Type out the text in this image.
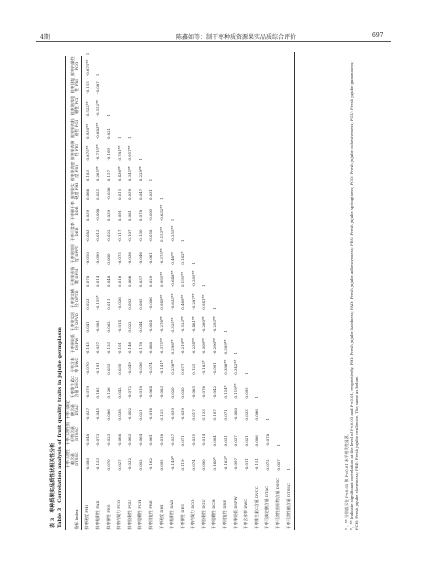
4期	陈鑫如等：制干枣种质资源果实品质综合评价	697
表 3　枣种质果实品质性状相关性分析 Table 3　Correlation analysis of fruit quality traits in jujube germplasm	指标 Index	干枣可溶性糖含量 DTSSC	干枣可溶性固形物含量 DTSSC	干枣可滴定酸含量 DTAC	干枣维生素C含量 DVCC	干枣含水率 DWC	干枣单果重 DSFW	干枣果实纵径 DFVD	干枣果实横径 DFTD	干枣果形指数 DFSI	干枣果肉厚度 DFPT	干枣可食率 DER	干枣制干率 DDR	鲜枣果实硬度 FHI	鲜枣果肉密度 FDI	鲜枣果肉弹性 FEI	鲜枣果肉胶着性 FGI	鲜枣果肉咀嚼性 FCI	鲜枣回复性 FRI	鲜枣内聚性 FCO	
鲜枣硬度 FHI	-0.080	-0.048	-0.027	-0.079	-0.070	-0.145	0.041	0.023	0.078	-0.010	-0.083	0.039	0.066	0.183	0.875**	0.930**	0.522**	-0.155	-0.675**	1
鲜枣粘附性 FAD	-0.133	-0.073	-0.045	0.165	-0.191	-0.037	-0.081	-0.155*	0.014	-0.090	-0.013	-0.008	0.025	0.265**	-0.715**	-0.683**	-0.552**	-0.087	1	
鲜枣弹性 FES	0.070	-0.023	0.086	0.126	0.033	-0.133	0.002	0.011	0.048	0.000	-0.022	0.039	-0.036	0.157	-0.109	0.021	1			
鲜枣内聚力 FCO	0.027	-0.068	0.038	0.042	0.030	-0.101	-0.014	-0.026	0.016	-0.075	-0.117	0.091	0.015	0.436**	0.781**	1				
鲜枣胶黏性 FGU	-0.032	-0.063	-0.002	-0.072	-0.049	-0.146	0.022	0.003	0.066	-0.036	-0.107	0.081	0.039	0.345**	0.957**	1				
鲜枣咀嚼性 FCH	0.002	-0.064	0.021	-0.018	-0.036	-0.178	0.044	0.085	0.037	-0.046	-0.130	0.078	0.047	0.229**	1					
鲜枣回复性 FRE	-0.162	-0.061	-0.016	-0.064	-0.074	-0.068	-0.004	-0.006	0.029	-0.061	-0.058	-0.005	0.031	1						
干枣硬度 DHI	0.095	-0.016	0.125	-0.083	-0.141*	-0.375**	-0.276**	0.949**	0.995**	-0.375**	0.153**	-0.632**	1							
干枣粘附性 DAD	-0.149*	-0.027	-0.039	0.020	0.256**	0.298**	0.325**	-0.633**	-0.648**	0.46**	-0.255**	1								
干枣弹性 DES	0.119	0.071	-0.039	0.030	0.077	-0.219**	-0.523**	0.469**	0.195**	0.142*	1									
干枣内聚力 DCO	0.074	-0.035	0.017	-0.065	0.125	-0.234**	-0.461**	-0.287**	-0.295**	1										
干枣胶黏性 DGU	0.090	-0.014	0.133	-0.076	-0.183*	-0.309**	-0.260**	0.941**	1											
干枣咀嚼性 DCH	0.160*	0.004	0.107	-0.042	-0.091	-0.290**	-0.293**	1												
干枣回复性 DRE	-0.163*	0.031	0.071	0.154*	0.386**	0.309**	1													
干枣单果重 DSFW	-0.097	0.037	-0.080	0.119**	0.342**	1														
干枣含水率 DWC	-0.011	0.021	0.033	0.095	1															
干枣维生素C含量 DVCC	-0.151	0.006	0.086	1																
干枣可滴定酸含量 DTAC	0.072	-0.078	1																	
干枣可溶性固形物含量 DSSC	0.007	1																		
干枣可溶性糖含量 DTSSC	1																				* 、** 分别表示在 P<0.05 和 P<0.01 水平相关性显著。 *、** Indicate significant correlation at the level of P<0.05 and P<0.01, respectively. FHI: Fresh jujube hardness; FAD: Fresh jujube adhesiveness; FES: Fresh jujube springiness; FCO: Fresh jujube cohesiveness; FGU: Fresh jujube gumminess; FCH: Fresh jujube chewiness; FRE: Fresh jujube resilience. The same as below.
